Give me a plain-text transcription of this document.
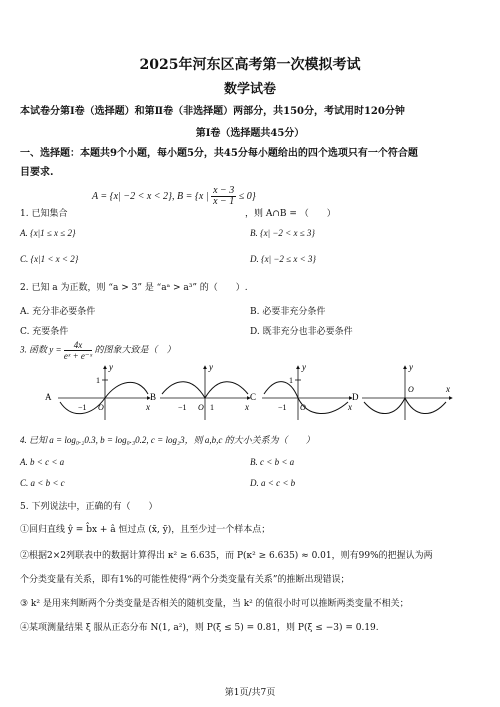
2025年河东区高考第一次模拟考试
数学试卷
本试卷分第Ⅰ卷（选择题）和第Ⅱ卷（非选择题）两部分，共150分，考试用时120分钟
第Ⅰ卷（选择题共45分）
一、选择题：本题共9个小题，每小题5分，共45分每小题给出的四个选项只有一个符合题
目要求.
A = {x| −2 < x < 2}, B = {x | $\frac{x - 3}{x - 1} \le 0$}
1. 已知集合	，则 A∩B = （　　）
A. {x|1 ≤ x ≤ 2}	B. {x| −2 < x ≤ 3}
C. {x|1 < x < 2}	D. {x| −2 ≤ x < 3}
2. 已知 a 为正数，则 “a > 3” 是 “aᵃ > a³” 的（　　）.
A. 充分非必要条件	B. 必要非充分条件
C. 充要条件	D. 既非充分也非必要条件
3. 函数 $y = \frac{4x}{\text{eˣ + e⁻ˣ}}$ 的图象大致是（　）
A
y
x
1
−1 O
B
y
x
−1 O 1
C
y
x
1
−1 O
D
y
x
O
4. 已知 a = log₀.₂0.3, b = log₀.₃0.2, c = log₂3，则 a,b,c 的大小关系为（　　）
A. b < c < a	B. c < b < a
C. a < b < c	D. a < c < b
5. 下列说法中，正确的有（　　）
①回归直线 ŷ = b̂x + â 恒过点 (x̄, ȳ)，且至少过一个样本点；
②根据2×2列联表中的数据计算得出 κ² ≥ 6.635，而 P(κ² ≥ 6.635) ≈ 0.01，则有99%的把握认为两
个分类变量有关系，即有1%的可能性使得“两个分类变量有关系”的推断出现错误；
③ k² 是用来判断两个分类变量是否相关的随机变量，当 k² 的值很小时可以推断两类变量不相关；
④某项测量结果 ξ 服从正态分布 N(1, a²)，则 P(ξ ≤ 5) = 0.81，则 P(ξ ≤ −3) = 0.19.
第1页/共7页
